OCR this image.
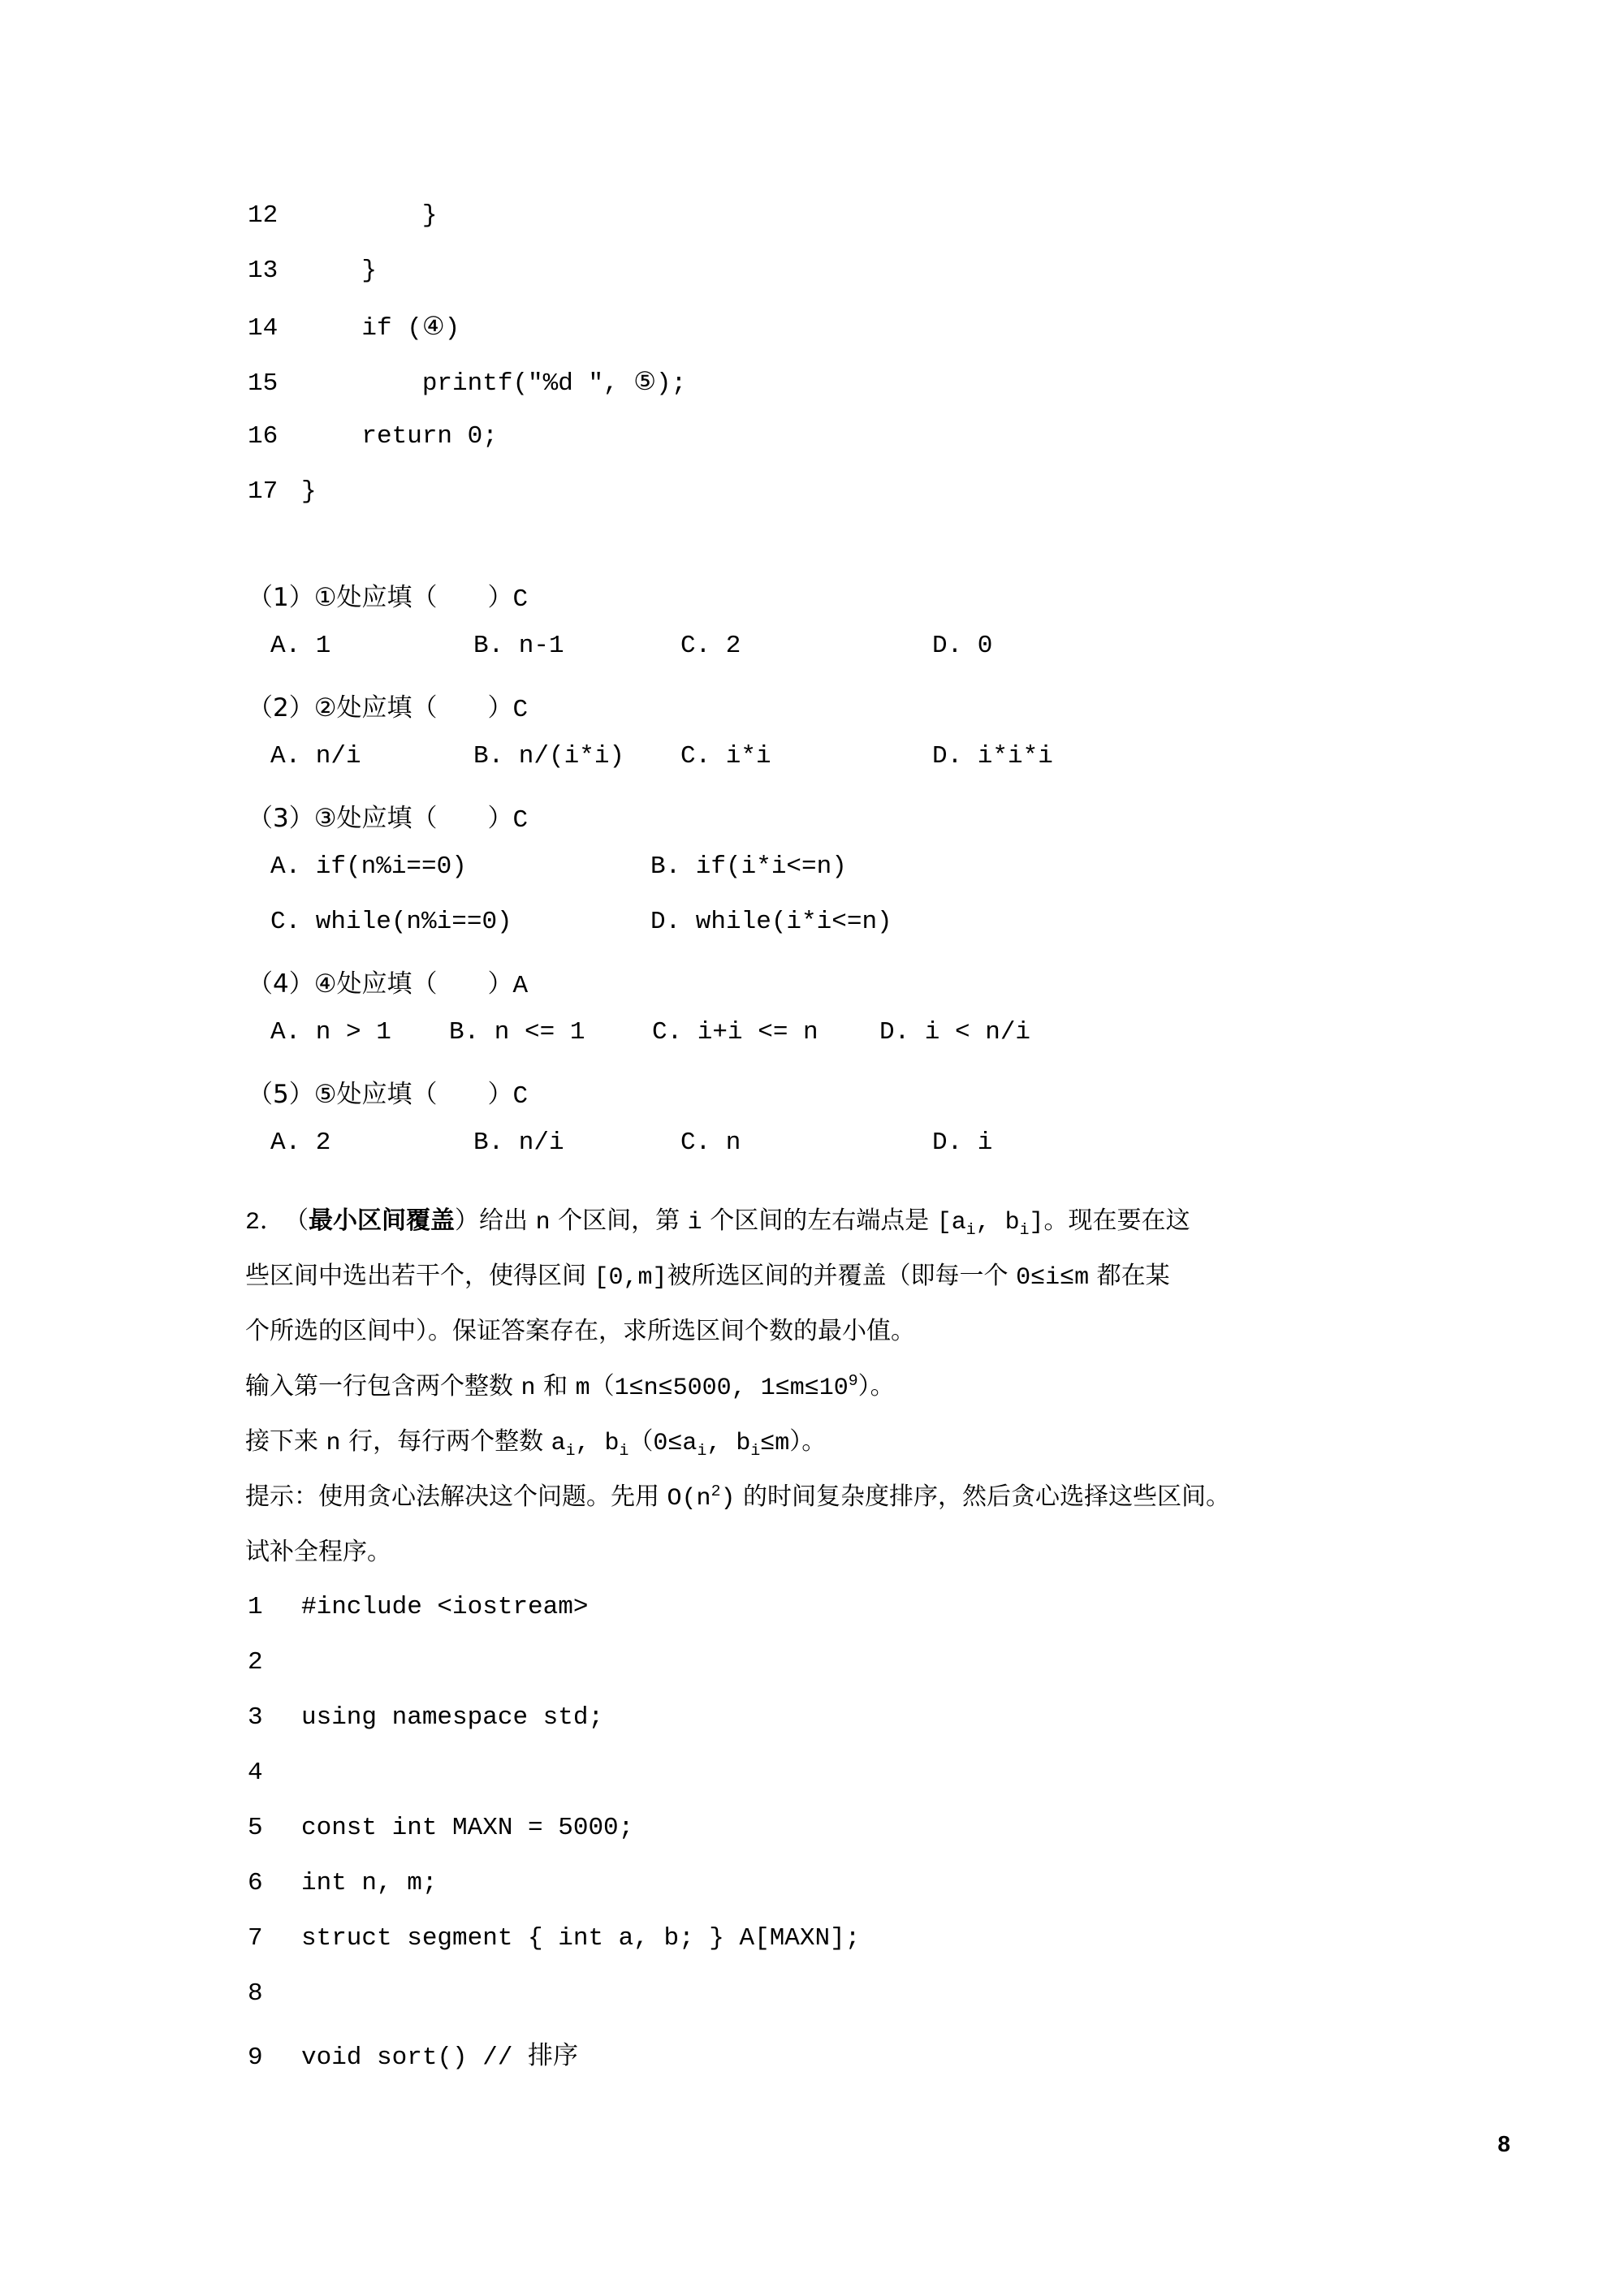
12 }
13 }
14 if (④)
15 printf("%d ", ⑤);
16 return 0;
17 }
（1）①处应填（　　） C
A. 1	B. n-1	C. 2	D. 0
（2）②处应填（　　） C
A. n/i	B. n/(i*i)	C. i*i	D. i*i*i
（3）③处应填（　　） C
A. if(n%i==0)	B. if(i*i<=n)
C. while(n%i==0)	D. while(i*i<=n)
（4）④处应填（　　） A
A. n > 1	B. n <= 1	C. i+i <= n	D. i < n/i
（5）⑤处应填（　　） C
A. 2	B. n/i	C. n	D. i
2． （ 最小区间覆盖 ） 给出 n 个区间，第 i 个区间的左右端点是 [a $_i$ , b $_i$ ] 。现在要在这
些区间中选出若干个，使得区间 [0,m] 被所选区间的并覆盖（即每一个 0≤i≤m 都在某
个所选的区间中）。保证答案存在，求所选区间个数的最小值。
输入第一行包含两个整数 n 和 m （ 1≤n≤5000 , 1≤m≤10 $^9$ ）。
接下来 n 行，每行两个整数 a $_i$ , b $_i$ （ 0≤a $_i$ , b $_i$ ≤m ）。
提示：使用贪心法解决这个问题。先用 O(n $^2$ ) 的时间复杂度排序，然后贪心选择这些区间。
试补全程序。
1	#include <iostream>
2
3	using namespace std;
4
5	const int MAXN = 5000;
6	int n, m;
7	struct segment { int a, b; } A[MAXN];
8
9	void sort() // 排序
8
